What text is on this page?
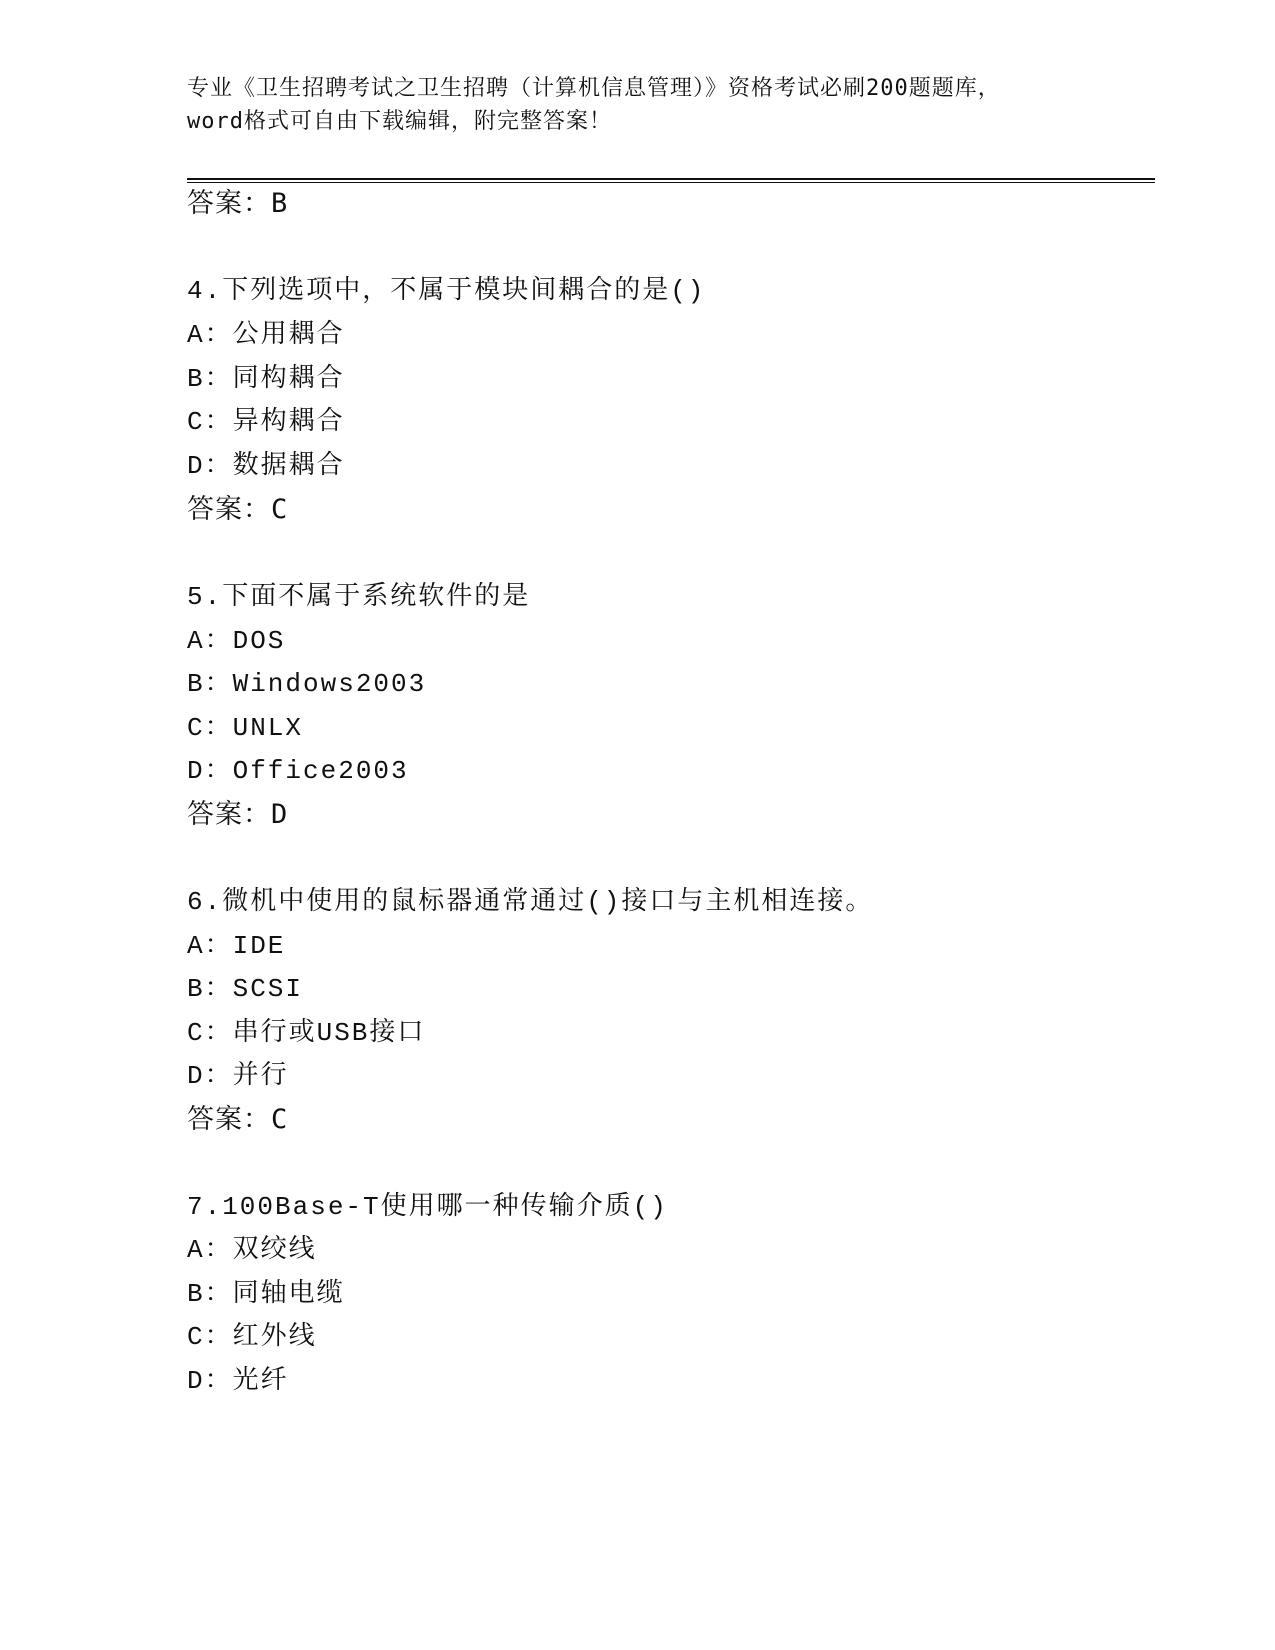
专业《卫生招聘考试之卫生招聘（计算机信息管理）》资格考试必刷200题题库，
word格式可自由下载编辑，附完整答案！
答案：B
4.下列选项中，不属于模块间耦合的是()
A：公用耦合
B：同构耦合
C：异构耦合
D：数据耦合
答案：C
5.下面不属于系统软件的是
A：DOS
B：Windows2003
C：UNLX
D：Office2003
答案：D
6.微机中使用的鼠标器通常通过()接口与主机相连接。
A：IDE
B：SCSI
C：串行或USB接口
D：并行
答案：C
7.100Base-T使用哪一种传输介质()
A：双绞线
B：同轴电缆
C：红外线
D：光纤
